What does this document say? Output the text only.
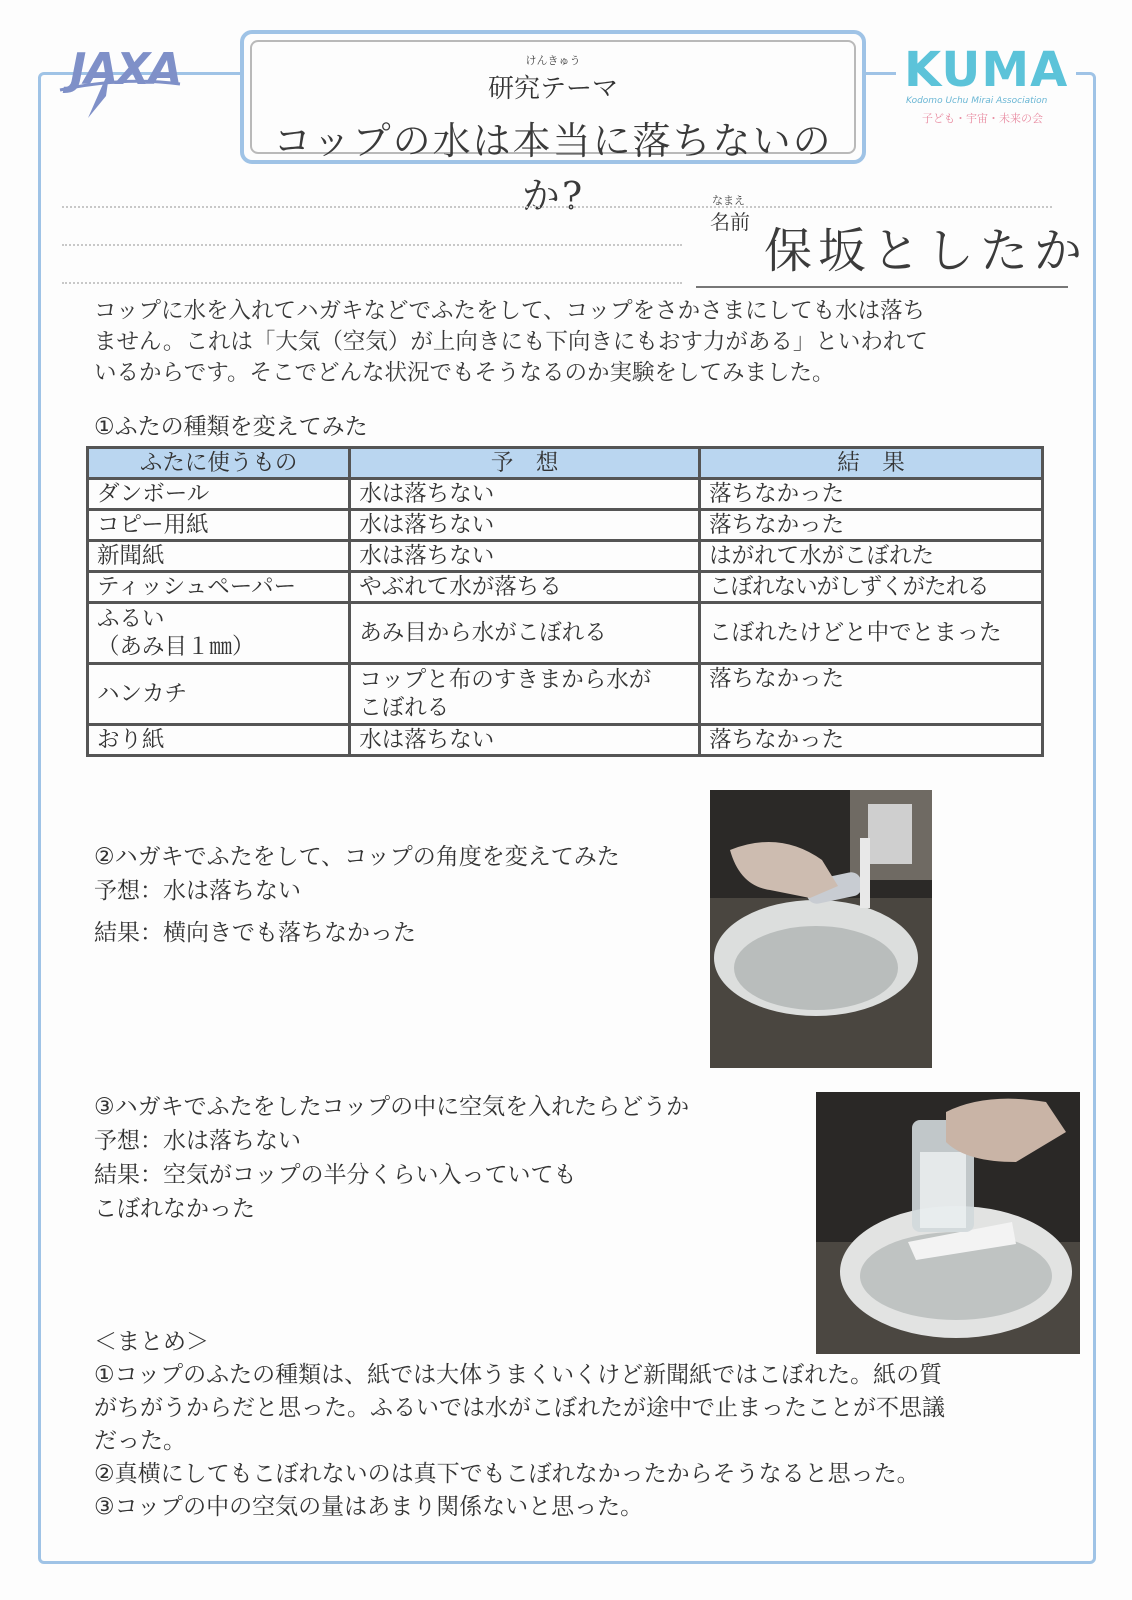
JAXA	けんきゅう
研究テーマ
コップの水は本当に落ちないのか?
KUMA
Kodomo Uchu Mirai Association
子ども・宇宙・未来の会
なまえ
名前
保坂としたか

コップに水を入れてハガキなどでふたをして、コップをさかさまにしても水は落ち

ません。これは「大気（空気）が上向きにも下向きにもおす力がある」といわれて

いるからです。そこでどんな状況でもそうなるのか実験をしてみました。

①ふたの種類を変えてみた
ふたに使うもの	予　想	結　果
ダンボール	水は落ちない	落ちなかった
コピー用紙	水は落ちない	落ちなかった
新聞紙	水は落ちない	はがれて水がこぼれた
ティッシュペーパー	やぶれて水が落ちる	こぼれないがしずくがたれる
ふるい
（あみ目１㎜）	あみ目から水がこぼれる	こぼれたけどと中でとまった
ハンカチ	コップと布のすきまから水が
こぼれる	落ちなかった
おり紙	水は落ちない	落ちなかった
②ハガキでふたをして、コップの角度を変えてみた
予想：水は落ちない
結果：横向きでも落ちなかった
③ハガキでふたをしたコップの中に空気を入れたらどうか
予想：水は落ちない
結果：空気がコップの半分くらい入っていても
こぼれなかった

＜まとめ＞

①コップのふたの種類は、紙では大体うまくいくけど新聞紙ではこぼれた。紙の質

がちがうからだと思った。ふるいでは水がこぼれたが途中で止まったことが不思議

だった。

②真横にしてもこぼれないのは真下でもこぼれなかったからそうなると思った。

③コップの中の空気の量はあまり関係ないと思った。
